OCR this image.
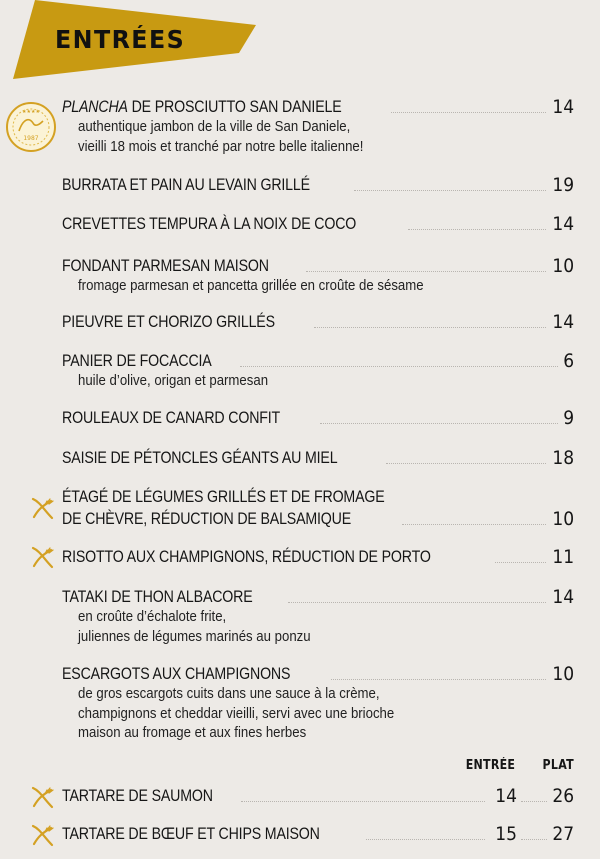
ENTRÉES
1987
★★★★ PLANCHA DE PROSCIUTTO SAN DANIELE	14
authentique jambon de la ville de San Daniele,
vieilli 18 mois et tranché par notre belle italienne!
BURRATA ET PAIN AU LEVAIN GRILLÉ	19
CREVETTES TEMPURA À LA NOIX DE COCO	14
FONDANT PARMESAN MAISON	10
fromage parmesan et pancetta grillée en croûte de sésame
PIEUVRE ET CHORIZO GRILLÉS	14
PANIER DE FOCACCIA	6
huile d’olive, origan et parmesan
ROULEAUX DE CANARD CONFIT	9
SAISIE DE PÉTONCLES GÉANTS AU MIEL	18
ÉTAGÉ DE LÉGUMES GRILLÉS ET DE FROMAGE
DE CHÈVRE, RÉDUCTION DE BALSAMIQUE	10
RISOTTO AUX CHAMPIGNONS, RÉDUCTION DE PORTO	11
TATAKI DE THON ALBACORE	14
en croûte d’échalote frite,
juliennes de légumes marinés au ponzu
ESCARGOTS AUX CHAMPIGNONS	10
de gros escargots cuits dans une sauce à la crème,
champignons et cheddar vieilli, servi avec une brioche
maison au fromage et aux fines herbes
ENTRÉE PLAT
TARTARE DE SAUMON	14 26
TARTARE DE BŒUF ET CHIPS MAISON	15 27
